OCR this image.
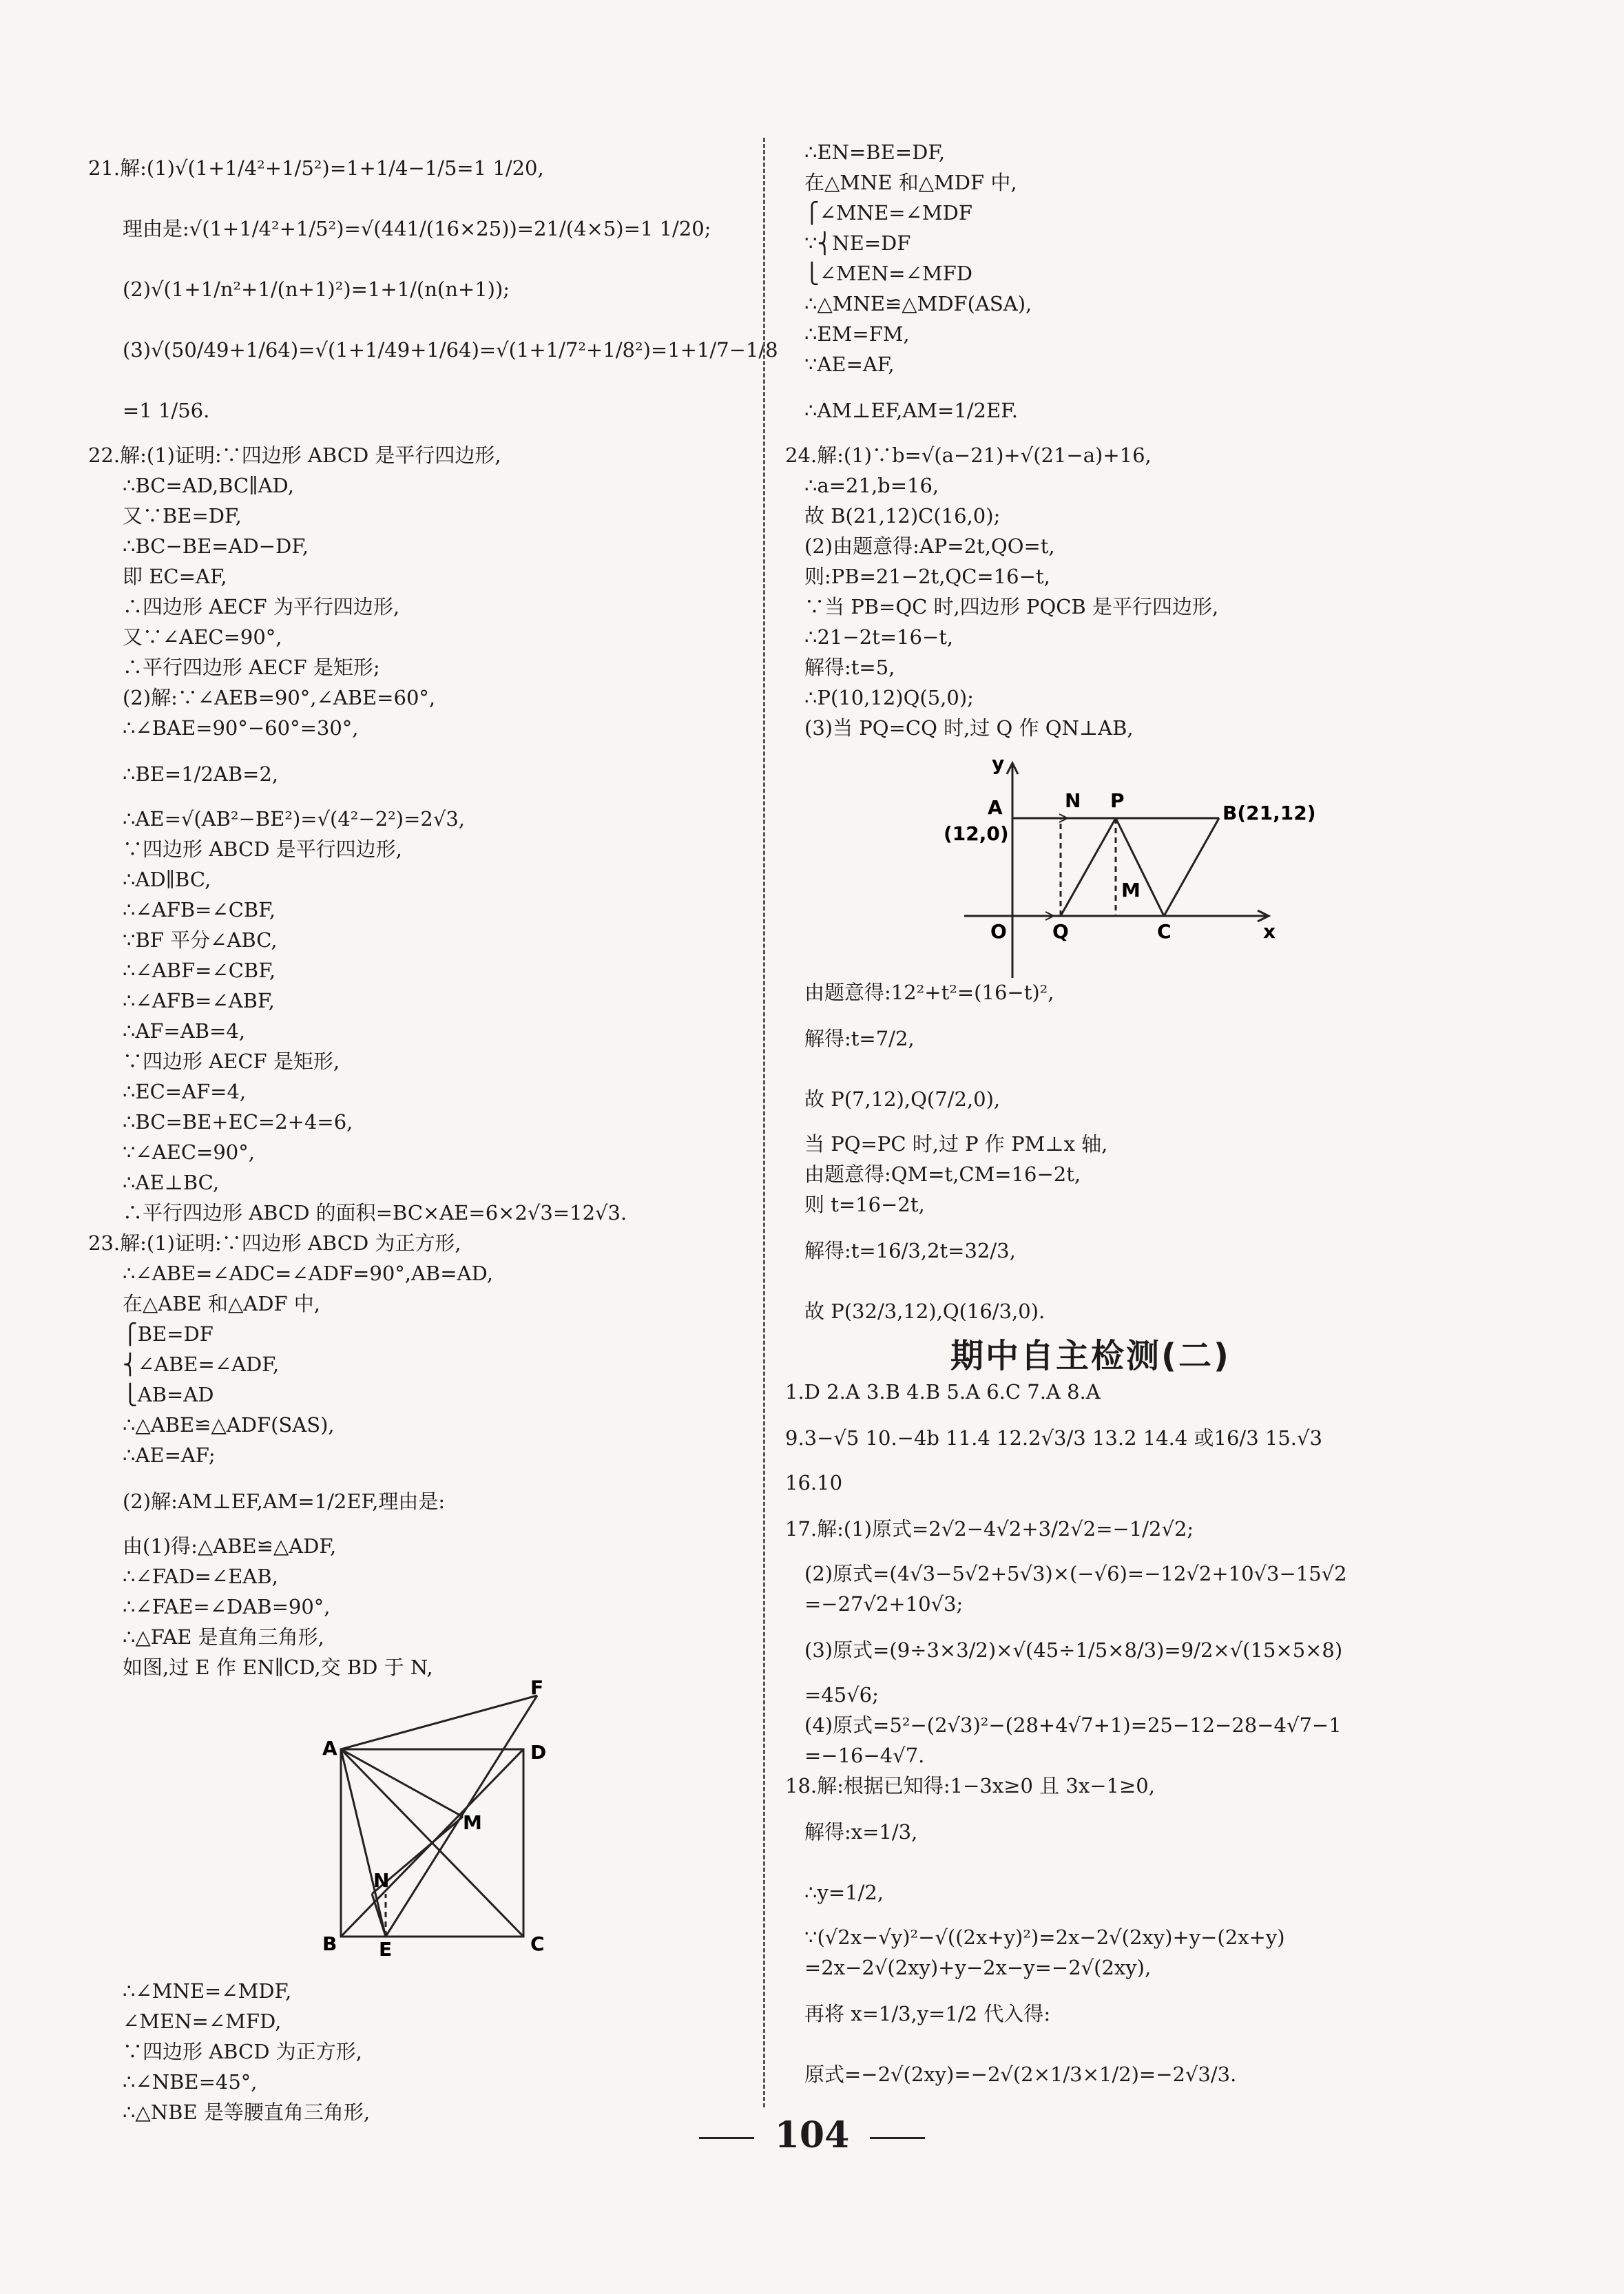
21.解:(1)√(1+1/4²+1/5²)=1+1/4−1/5=1 1/20,
理由是:√(1+1/4²+1/5²)=√(441/(16×25))=21/(4×5)=1 1/20;
(2)√(1+1/n²+1/(n+1)²)=1+1/(n(n+1));
(3)√(50/49+1/64)=√(1+1/49+1/64)=√(1+1/7²+1/8²)=1+1/7−1/8
=1 1/56.
22.解:(1)证明:∵四边形 ABCD 是平行四边形,
∴BC=AD,BC∥AD,
又∵BE=DF,
∴BC−BE=AD−DF,
即 EC=AF,
∴四边形 AECF 为平行四边形,
又∵∠AEC=90°,
∴平行四边形 AECF 是矩形;
(2)解:∵∠AEB=90°,∠ABE=60°,
∴∠BAE=90°−60°=30°,
∴BE=1/2AB=2,
∴AE=√(AB²−BE²)=√(4²−2²)=2√3,
∵四边形 ABCD 是平行四边形,
∴AD∥BC,
∴∠AFB=∠CBF,
∵BF 平分∠ABC,
∴∠ABF=∠CBF,
∴∠AFB=∠ABF,
∴AF=AB=4,
∵四边形 AECF 是矩形,
∴EC=AF=4,
∴BC=BE+EC=2+4=6,
∵∠AEC=90°,
∴AE⊥BC,
∴平行四边形 ABCD 的面积=BC×AE=6×2√3=12√3.
23.解:(1)证明:∵四边形 ABCD 为正方形,
∴∠ABE=∠ADC=∠ADF=90°,AB=AD,
在△ABE 和△ADF 中,
⎧BE=DF
⎨∠ABE=∠ADF,
⎩AB=AD
∴△ABE≌△ADF(SAS),
∴AE=AF;
(2)解:AM⊥EF,AM=1/2EF,理由是:
由(1)得:△ABE≌△ADF,
∴∠FAD=∠EAB,
∴∠FAE=∠DAB=90°,
∴△FAE 是直角三角形,
如图,过 E 作 EN∥CD,交 BD 于 N,
A	D
F
M
N
B E	C
∴∠MNE=∠MDF,
∠MEN=∠MFD,
∵四边形 ABCD 为正方形,
∴∠NBE=45°,
∴△NBE 是等腰直角三角形,
∴EN=BE=DF,
在△MNE 和△MDF 中,
⎧∠MNE=∠MDF
∵⎨NE=DF
⎩∠MEN=∠MFD
∴△MNE≌△MDF(ASA),
∴EM=FM,
∵AE=AF,
∴AM⊥EF,AM=1/2EF.
24.解:(1)∵b=√(a−21)+√(21−a)+16,
∴a=21,b=16,
故 B(21,12)C(16,0);
(2)由题意得:AP=2t,QO=t,
则:PB=21−2t,QC=16−t,
∵当 PB=QC 时,四边形 PQCB 是平行四边形,
∴21−2t=16−t,
解得:t=5,
∴P(10,12)Q(5,0);
(3)当 PQ=CQ 时,过 Q 作 QN⊥AB,
y
A
(12,0)
N P
B(21,12)
M
O Q	C	x
由题意得:12²+t²=(16−t)²,
解得:t=7/2,
故 P(7,12),Q(7/2,0),
当 PQ=PC 时,过 P 作 PM⊥x 轴,
由题意得:QM=t,CM=16−2t,
则 t=16−2t,
解得:t=16/3,2t=32/3,
故 P(32/3,12),Q(16/3,0).
期中自主检测(二)
1.D 2.A 3.B 4.B 5.A 6.C 7.A 8.A
9.3−√5 10.−4b 11.4 12.2√3/3 13.2 14.4 或16/3 15.√3
16.10
17.解:(1)原式=2√2−4√2+3/2√2=−1/2√2;
(2)原式=(4√3−5√2+5√3)×(−√6)=−12√2+10√3−15√2
=−27√2+10√3;
(3)原式=(9÷3×3/2)×√(45÷1/5×8/3)=9/2×√(15×5×8)
=45√6;
(4)原式=5²−(2√3)²−(28+4√7+1)=25−12−28−4√7−1
=−16−4√7.
18.解:根据已知得:1−3x≥0 且 3x−1≥0,
解得:x=1/3,
∴y=1/2,
∵(√2x−√y)²−√((2x+y)²)=2x−2√(2xy)+y−(2x+y)
=2x−2√(2xy)+y−2x−y=−2√(2xy),
再将 x=1/3,y=1/2 代入得:
原式=−2√(2xy)=−2√(2×1/3×1/2)=−2√3/3.
104
